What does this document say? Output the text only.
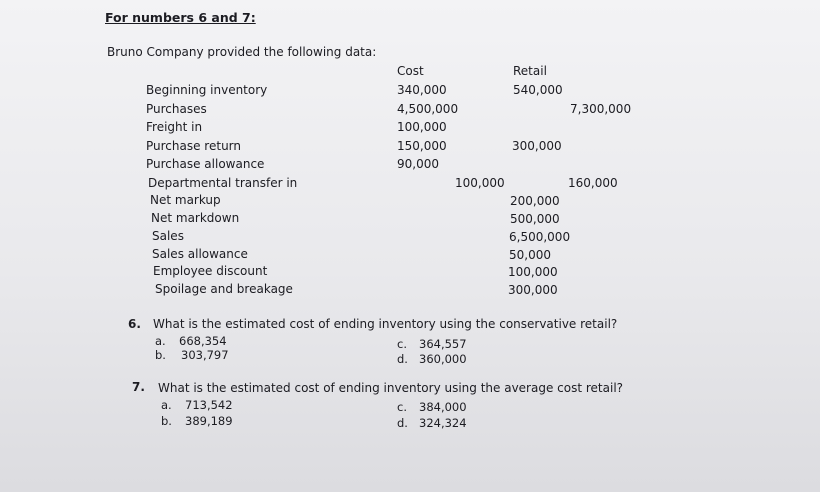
For numbers 6 and 7:
Bruno Company provided the following data:
Cost	Retail
Beginning inventory
Purchases
Freight in
Purchase return
Purchase allowance
Departmental transfer in
Net markup
Net markdown
Sales
Sales allowance
Employee discount
Spoilage and breakage
340,000
4,500,000
100,000
150,000
90,000
100,000
540,000
7,300,000
300,000
160,000
200,000
500,000
6,500,000
50,000
100,000
300,000
6. What is the estimated cost of ending inventory using the conservative retail?
a. 668,354
b. 303,797
c. 364,557
d. 360,000
7. What is the estimated cost of ending inventory using the average cost retail?
a. 713,542
b. 389,189
c. 384,000
d. 324,324
